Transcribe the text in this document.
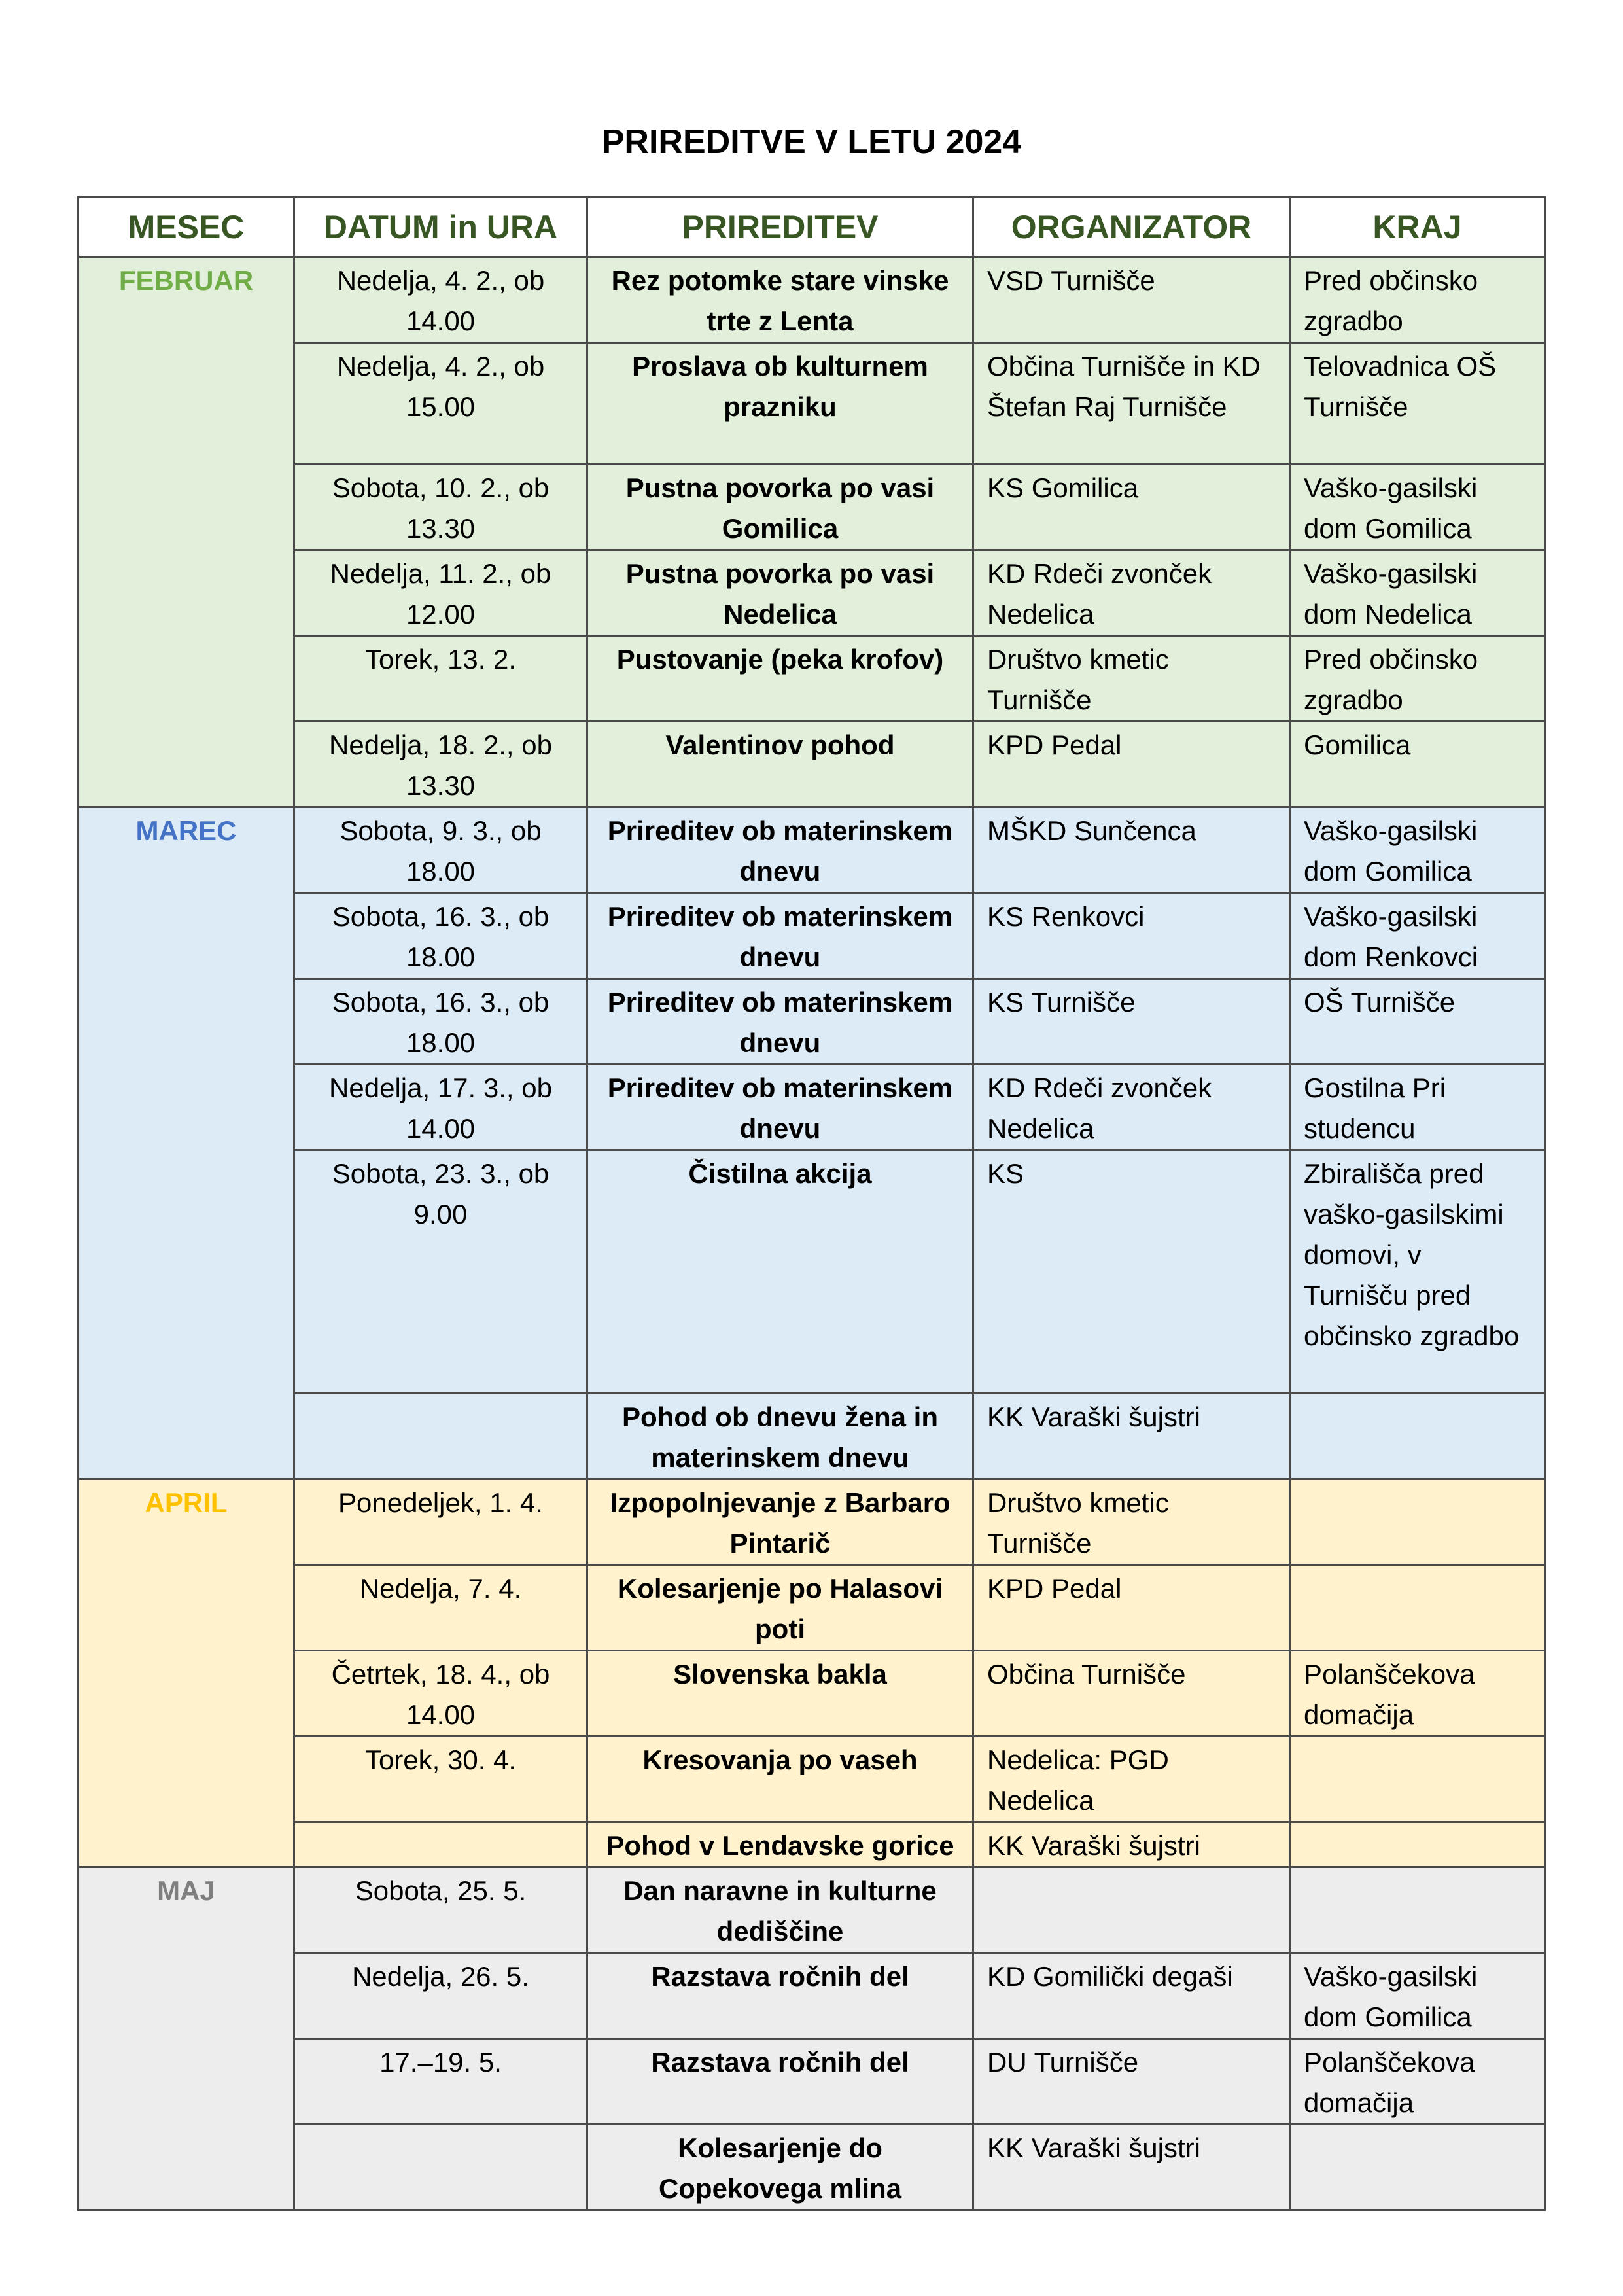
PRIREDITVE V LETU 2024
MESEC	DATUM in URA	PRIREDITEV	ORGANIZATOR	KRAJ
FEBRUAR	Nedelja, 4. 2., ob 14.00	Rez potomke stare vinske trte z Lenta	VSD Turnišče	Pred občinsko zgradbo
	Nedelja, 4. 2., ob 15.00	Proslava ob kulturnem prazniku	Občina Turnišče in KD Štefan Raj Turnišče	Telovadnica OŠ Turnišče
	Sobota, 10. 2., ob 13.30	Pustna povorka po vasi Gomilica	KS Gomilica	Vaško-gasilski dom Gomilica
	Nedelja, 11. 2., ob 12.00	Pustna povorka po vasi Nedelica	KD Rdeči zvonček Nedelica	Vaško-gasilski dom Nedelica
	Torek, 13. 2.	Pustovanje (peka krofov)	Društvo kmetic Turnišče	Pred občinsko zgradbo
	Nedelja, 18. 2., ob 13.30	Valentinov pohod	KPD Pedal	Gomilica
MAREC	Sobota, 9. 3., ob 18.00	Prireditev ob materinskem dnevu	MŠKD Sunčenca	Vaško-gasilski dom Gomilica
	Sobota, 16. 3., ob 18.00	Prireditev ob materinskem dnevu	KS Renkovci	Vaško-gasilski dom Renkovci
	Sobota, 16. 3., ob 18.00	Prireditev ob materinskem dnevu	KS Turnišče	OŠ Turnišče
	Nedelja, 17. 3., ob 14.00	Prireditev ob materinskem dnevu	KD Rdeči zvonček Nedelica	Gostilna Pri studencu
	Sobota, 23. 3., ob 9.00	Čistilna akcija	KS	Zbirališča pred vaško-gasilskimi domovi, v Turnišču pred občinsko zgradbo
		Pohod ob dnevu žena in materinskem dnevu	KK Varaški šujstri	
APRIL	Ponedeljek, 1. 4.	Izpopolnjevanje z Barbaro Pintarič	Društvo kmetic Turnišče	
	Nedelja, 7. 4.	Kolesarjenje po Halasovi poti	KPD Pedal	
	Četrtek, 18. 4., ob 14.00	Slovenska bakla	Občina Turnišče	Polanščekova domačija
	Torek, 30. 4.	Kresovanja po vaseh	Nedelica: PGD Nedelica	
		Pohod v Lendavske gorice	KK Varaški šujstri	
MAJ	Sobota, 25. 5.	Dan naravne in kulturne dediščine		
	Nedelja, 26. 5.	Razstava ročnih del	KD Gomilički degaši	Vaško-gasilski dom Gomilica
	17.–19. 5.	Razstava ročnih del	DU Turnišče	Polanščekova domačija
		Kolesarjenje do Copekovega mlina	KK Varaški šujstri	
